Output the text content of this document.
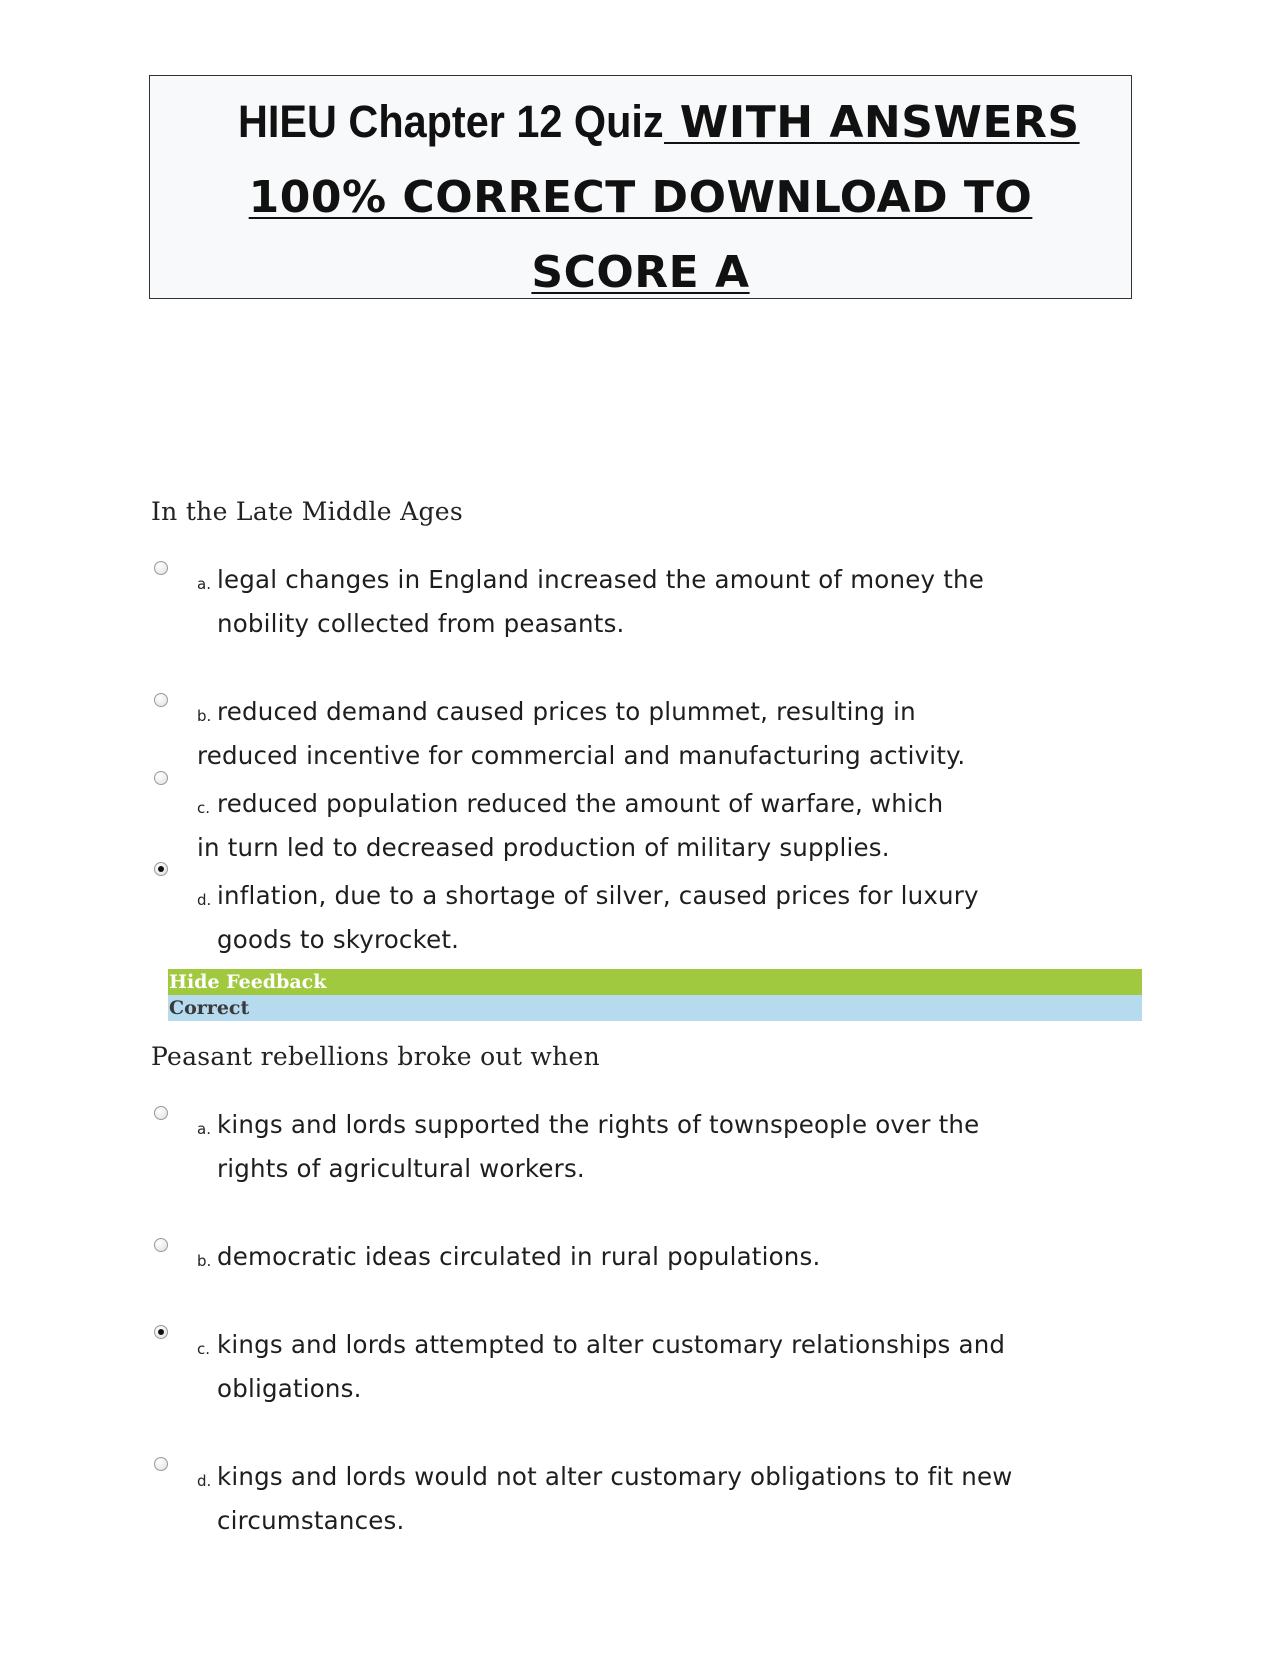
HIEU Chapter 12 Quiz WITH ANSWERS
100% CORRECT DOWNLOAD TO
SCORE A
In the Late Middle Ages
a. legal changes in England increased the amount of money the
nobility collected from peasants.
b. reduced demand caused prices to plummet, resulting in
reduced incentive for commercial and manufacturing activity.
c. reduced population reduced the amount of warfare, which
in turn led to decreased production of military supplies.
d. inflation, due to a shortage of silver, caused prices for luxury
goods to skyrocket.
Hide Feedback
Correct
Peasant rebellions broke out when
a. kings and lords supported the rights of townspeople over the
rights of agricultural workers.
b. democratic ideas circulated in rural populations.
c. kings and lords attempted to alter customary relationships and
obligations.
d. kings and lords would not alter customary obligations to fit new
circumstances.
